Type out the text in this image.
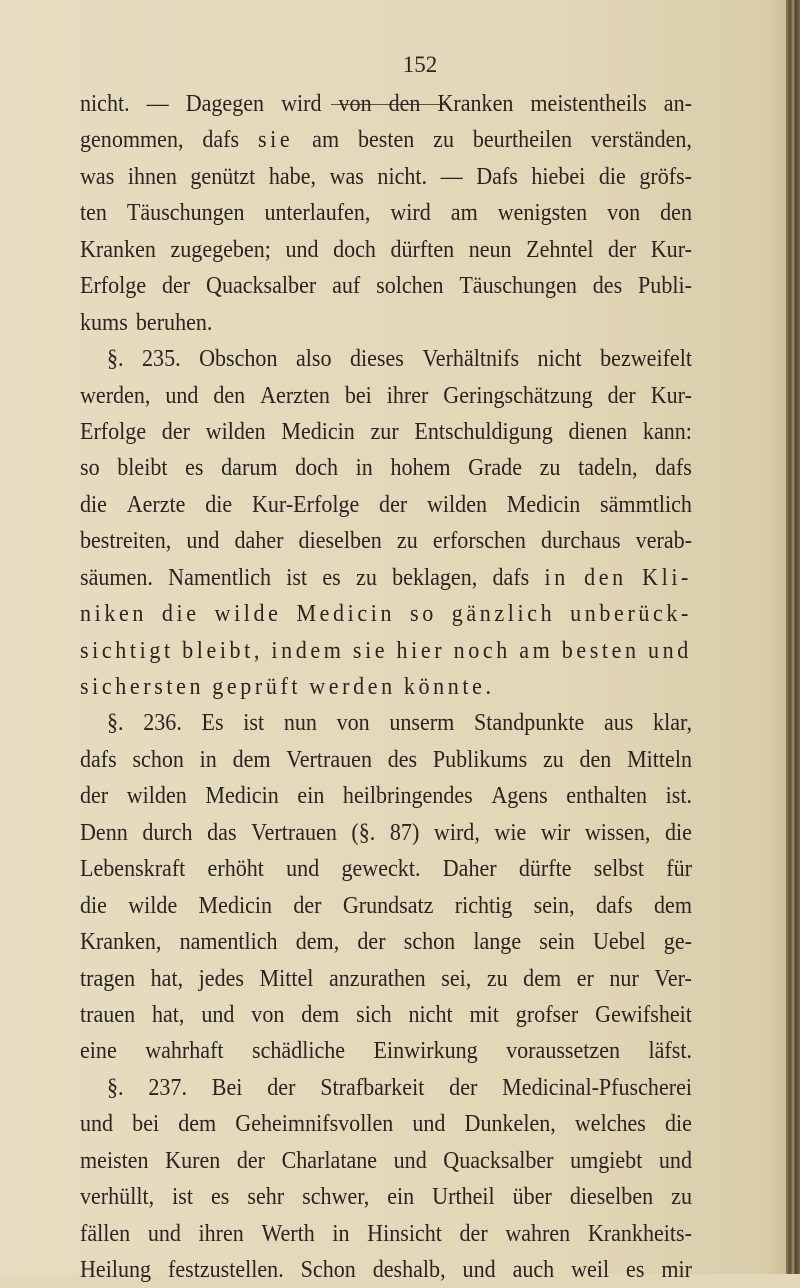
152
nicht. — Dagegen wird von den Kranken meistentheils an-
genommen, dafs sie am besten zu beurtheilen verständen,
was ihnen genützt habe, was nicht. — Dafs hiebei die gröfs-
ten Täuschungen unterlaufen, wird am wenigsten von den
Kranken zugegeben; und doch dürften neun Zehntel der Kur-
Erfolge der Quacksalber auf solchen Täuschungen des Publi-
kums beruhen.
§. 235. Obschon also dieses Verhältnifs nicht bezweifelt
werden, und den Aerzten bei ihrer Geringschätzung der Kur-
Erfolge der wilden Medicin zur Entschuldigung dienen kann:
so bleibt es darum doch in hohem Grade zu tadeln, dafs
die Aerzte die Kur-Erfolge der wilden Medicin sämmtlich
bestreiten, und daher dieselben zu erforschen durchaus verab-
säumen. Namentlich ist es zu beklagen, dafs in den Kli-
niken die wilde Medicin so gänzlich unberück-
sichtigt bleibt, indem sie hier noch am besten und
sichersten geprüft werden könnte.
§. 236. Es ist nun von unserm Standpunkte aus klar,
dafs schon in dem Vertrauen des Publikums zu den Mitteln
der wilden Medicin ein heilbringendes Agens enthalten ist.
Denn durch das Vertrauen (§. 87) wird, wie wir wissen, die
Lebenskraft erhöht und geweckt. Daher dürfte selbst für
die wilde Medicin der Grundsatz richtig sein, dafs dem
Kranken, namentlich dem, der schon lange sein Uebel ge-
tragen hat, jedes Mittel anzurathen sei, zu dem er nur Ver-
trauen hat, und von dem sich nicht mit grofser Gewifsheit
eine wahrhaft schädliche Einwirkung voraussetzen läfst.
§. 237. Bei der Strafbarkeit der Medicinal-Pfuscherei
und bei dem Geheimnifsvollen und Dunkelen, welches die
meisten Kuren der Charlatane und Quacksalber umgiebt und
verhüllt, ist es sehr schwer, ein Urtheil über dieselben zu
fällen und ihren Werth in Hinsicht der wahren Krankheits-
Heilung festzustellen. Schon deshalb, und auch weil es mir
